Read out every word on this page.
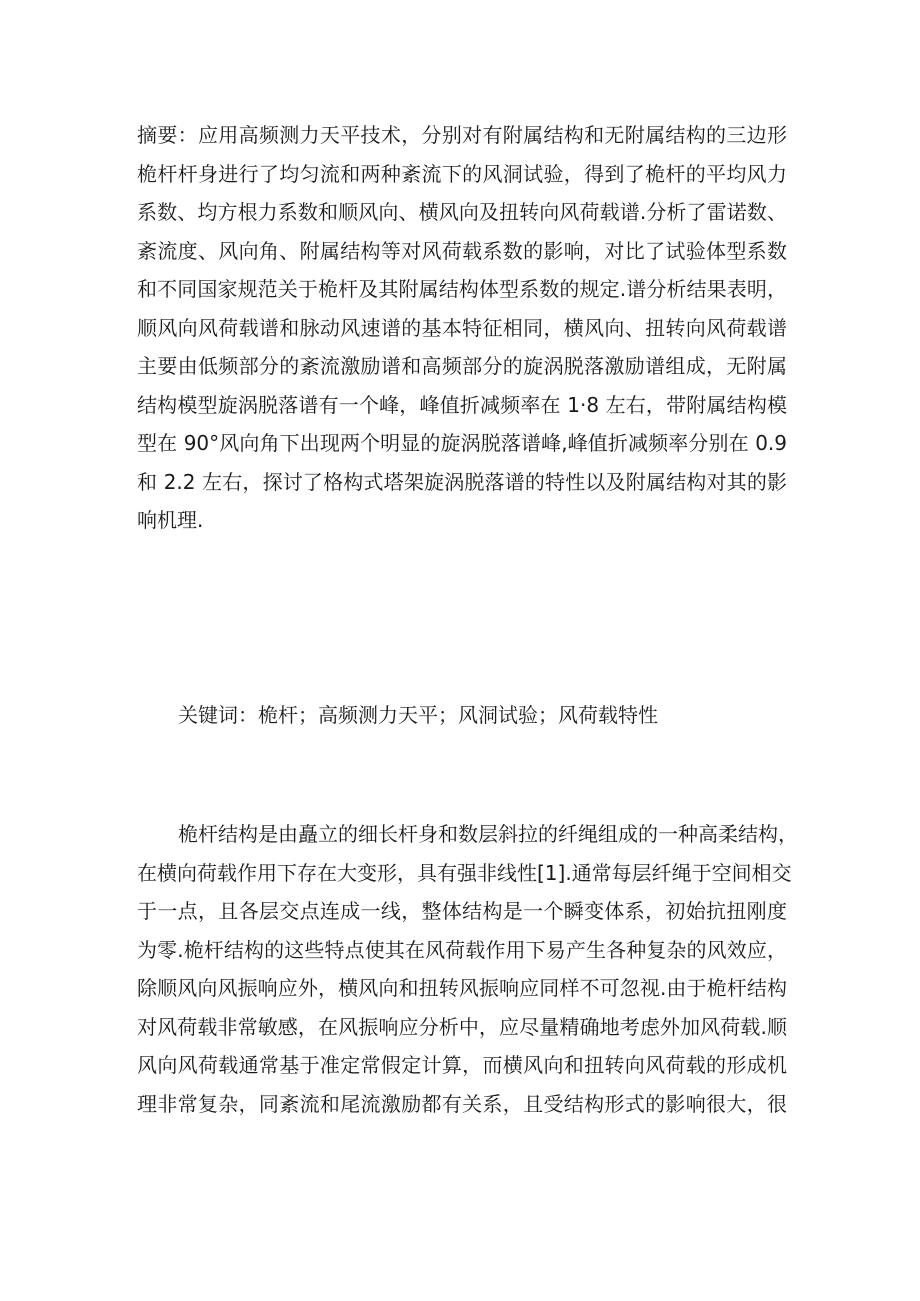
摘要：应用高频测力天平技术，分别对有附属结构和无附属结构的三边形
桅杆杆身进行了均匀流和两种紊流下的风洞试验，得到了桅杆的平均风力
系数、均方根力系数和顺风向、横风向及扭转向风荷载谱.分析了雷诺数、
紊流度、风向角、附属结构等对风荷载系数的影响，对比了试验体型系数
和不同国家规范关于桅杆及其附属结构体型系数的规定.谱分析结果表明，
顺风向风荷载谱和脉动风速谱的基本特征相同，横风向、扭转向风荷载谱
主要由低频部分的紊流激励谱和高频部分的旋涡脱落激励谱组成，无附属
结构模型旋涡脱落谱有一个峰，峰值折减频率在 1·8 左右，带附属结构模
型在 90°风向角下出现两个明显的旋涡脱落谱峰,峰值折减频率分别在 0.9
和 2.2 左右，探讨了格构式塔架旋涡脱落谱的特性以及附属结构对其的影
响机理.
关键词：桅杆；高频测力天平；风洞试验；风荷载特性
桅杆结构是由矗立的细长杆身和数层斜拉的纤绳组成的一种高柔结构，
在横向荷载作用下存在大变形，具有强非线性[1].通常每层纤绳于空间相交
于一点，且各层交点连成一线，整体结构是一个瞬变体系，初始抗扭刚度
为零.桅杆结构的这些特点使其在风荷载作用下易产生各种复杂的风效应，
除顺风向风振响应外，横风向和扭转风振响应同样不可忽视.由于桅杆结构
对风荷载非常敏感，在风振响应分析中，应尽量精确地考虑外加风荷载.顺
风向风荷载通常基于准定常假定计算，而横风向和扭转向风荷载的形成机
理非常复杂，同紊流和尾流激励都有关系，且受结构形式的影响很大，很
